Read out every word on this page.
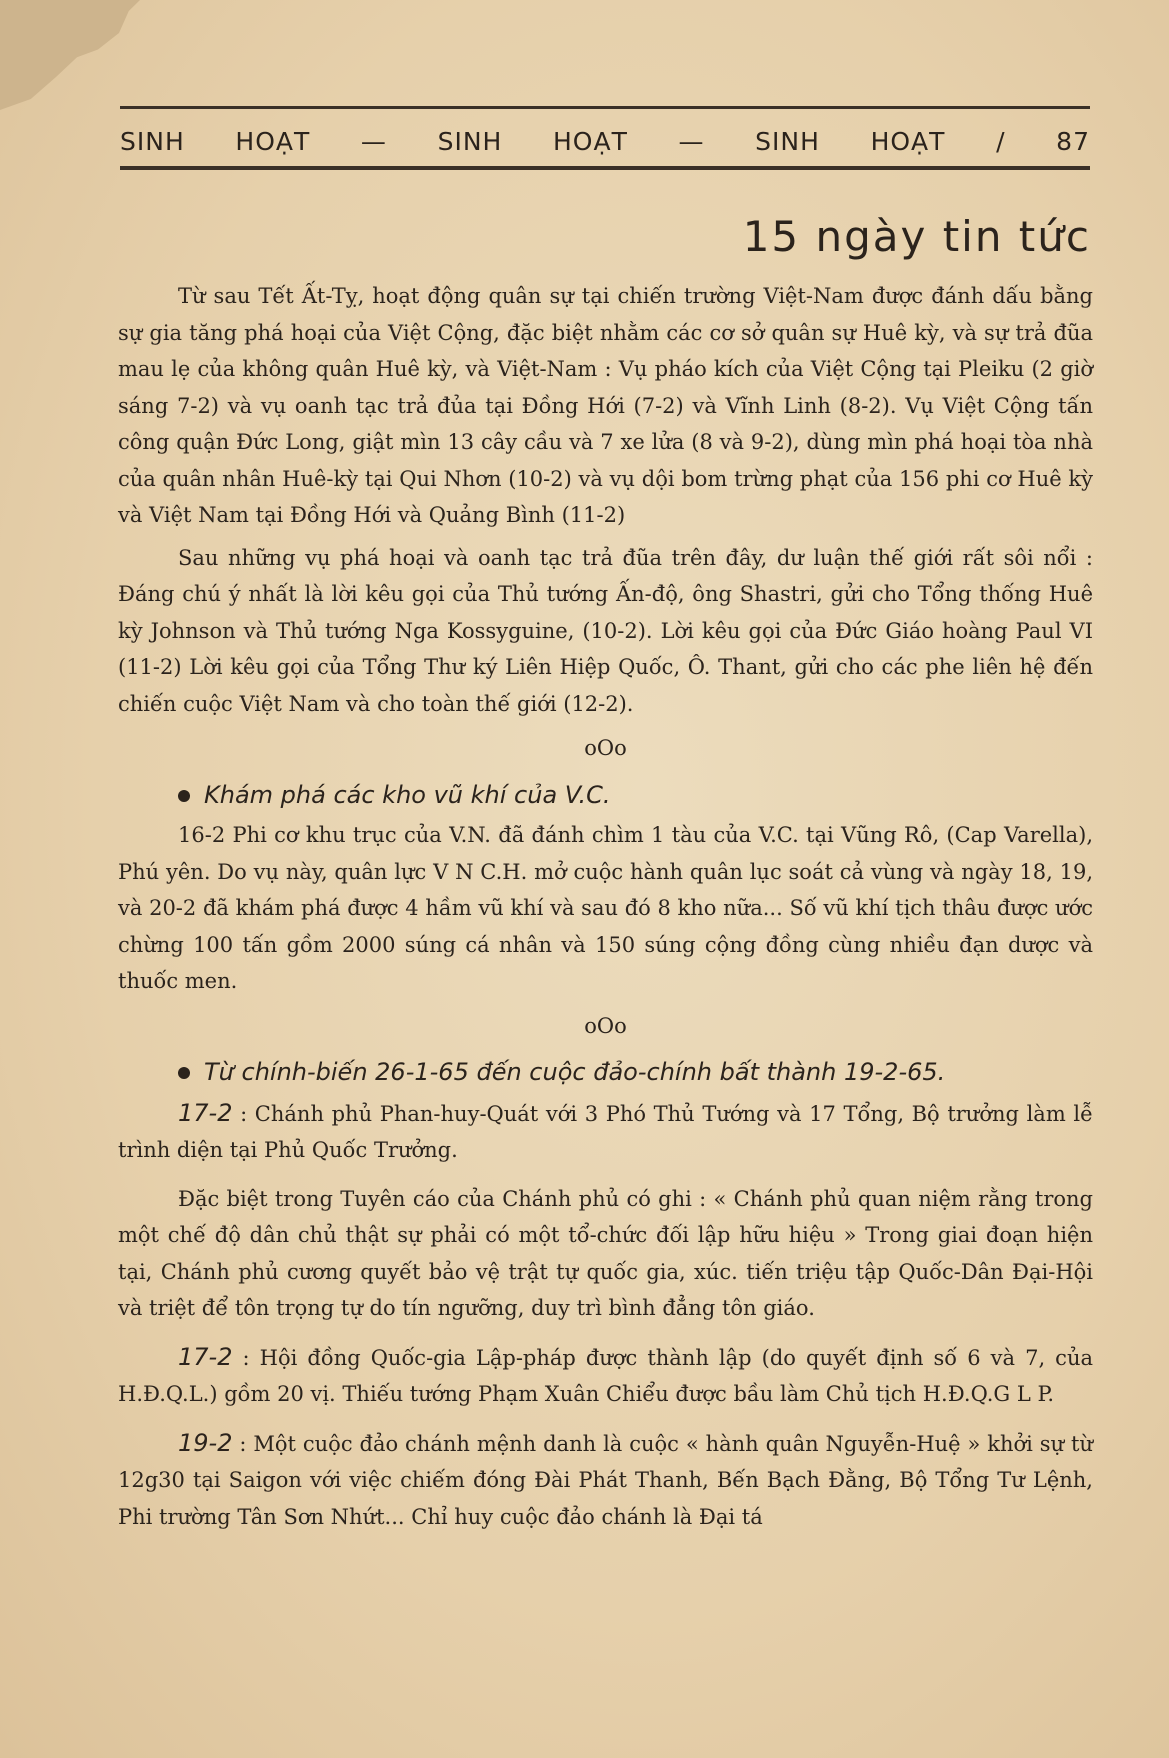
SINH HOẠT — SINH HOẠT — SINH HOẠT / 87
15 ngày tin tức

Từ sau Tết Ất-Tỵ, hoạt động quân sự tại chiến trường Việt-Nam được đánh dấu bằng sự gia tăng phá hoại của Việt Cộng, đặc biệt nhằm các cơ sở quân sự Huê kỳ, và sự trả đũa mau lẹ của không quân Huê kỳ, và Việt-Nam : Vụ pháo kích của Việt Cộng tại Pleiku (2 giờ sáng 7-2) và vụ oanh tạc trả đủa tại Đồng Hới (7-2) và Vĩnh Linh (8-2). Vụ Việt Cộng tấn công quận Đức Long, giật mìn 13 cây cầu và 7 xe lửa (8 và 9-2), dùng mìn phá hoại tòa nhà của quân nhân Huê-kỳ tại Qui Nhơn (10-2) và vụ dội bom trừng phạt của 156 phi cơ Huê kỳ và Việt Nam tại Đồng Hới và Quảng Bình (11-2)

Sau những vụ phá hoại và oanh tạc trả đũa trên đây, dư luận thế giới rất sôi nổi : Đáng chú ý nhất là lời kêu gọi của Thủ tướng Ấn-độ, ông Shastri, gửi cho Tổng thống Huê kỳ Johnson và Thủ tướng Nga Kossyguine, (10-2). Lời kêu gọi của Đức Giáo hoàng Paul VI (11-2) Lời kêu gọi của Tổng Thư ký Liên Hiệp Quốc, Ô. Thant, gửi cho các phe liên hệ đến chiến cuộc Việt Nam và cho toàn thế giới (12-2).

oOo
Khám phá các kho vũ khí của V.C.

16-2 Phi cơ khu trục của V.N. đã đánh chìm 1 tàu của V.C. tại Vũng Rô, (Cap Varella), Phú yên. Do vụ này, quân lực V N C.H. mở cuộc hành quân lục soát cả vùng và ngày 18, 19, và 20-2 đã khám phá được 4 hầm vũ khí và sau đó 8 kho nữa... Số vũ khí tịch thâu được ước chừng 100 tấn gồm 2000 súng cá nhân và 150 súng cộng đồng cùng nhiều đạn dược và thuốc men.

oOo
Từ chính-biến 26-1-65 đến cuộc đảo-chính bất thành 19-2-65.

17-2 : Chánh phủ Phan-huy-Quát với 3 Phó Thủ Tướng và 17 Tổng, Bộ trưởng làm lễ trình diện tại Phủ Quốc Trưởng.

Đặc biệt trong Tuyên cáo của Chánh phủ có ghi : « Chánh phủ quan niệm rằng trong một chế độ dân chủ thật sự phải có một tổ-chức đối lập hữu hiệu » Trong giai đoạn hiện tại, Chánh phủ cương quyết bảo vệ trật tự quốc gia, xúc. tiến triệu tập Quốc-Dân Đại-Hội và triệt để tôn trọng tự do tín ngưỡng, duy trì bình đẳng tôn giáo.

17-2 : Hội đồng Quốc-gia Lập-pháp được thành lập (do quyết định số 6 và 7, của H.Đ.Q.L.) gồm 20 vị. Thiếu tướng Phạm Xuân Chiểu được bầu làm Chủ tịch H.Đ.Q.G L P.

19-2 : Một cuộc đảo chánh mệnh danh là cuộc « hành quân Nguyễn-Huệ » khởi sự từ 12g30 tại Saigon với việc chiếm đóng Đài Phát Thanh, Bến Bạch Đằng, Bộ Tổng Tư Lệnh, Phi trường Tân Sơn Nhứt... Chỉ huy cuộc đảo chánh là Đại tá
